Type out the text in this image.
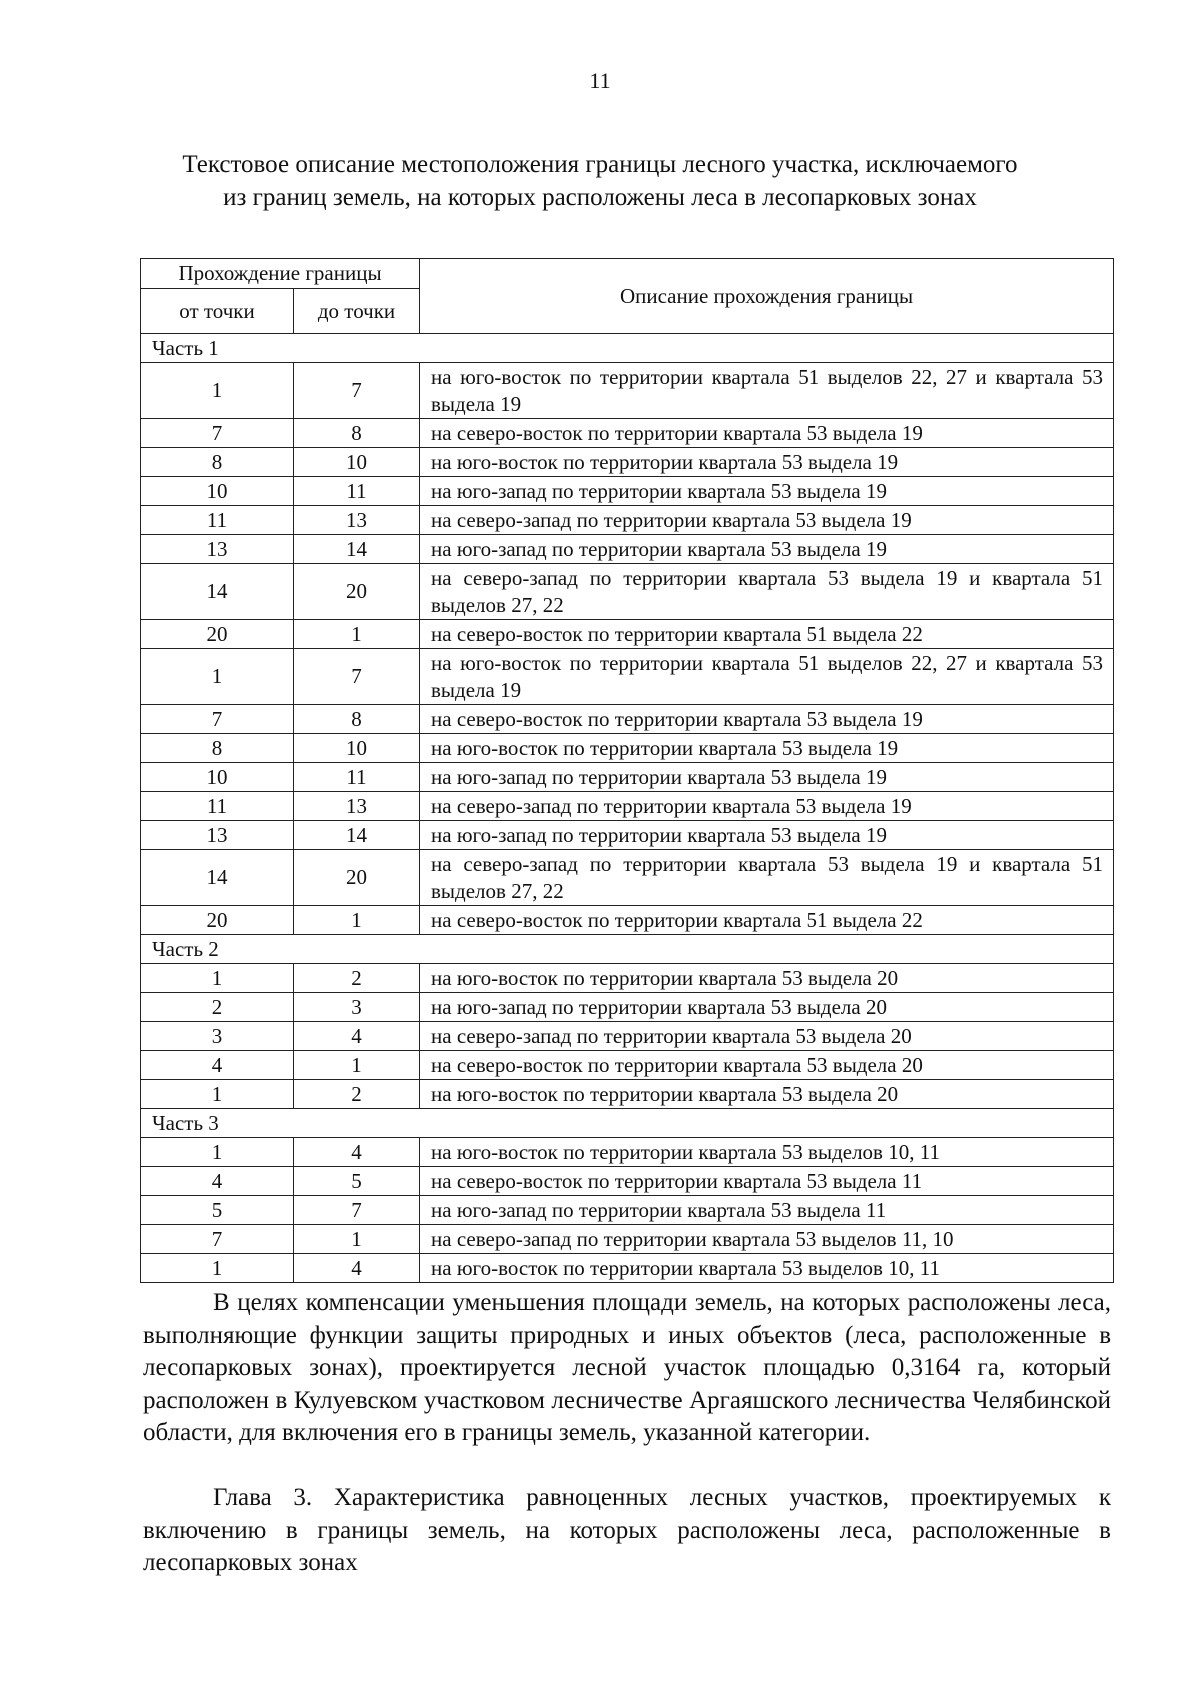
11
Текстовое описание местоположения границы лесного участка, исключаемого
из границ земель, на которых расположены леса в лесопарковых зонах
Прохождение границы		Описание прохождения границы
от точки	до точки	
Часть 1		
1	7	на юго-восток по территории квартала 51 выделов 22, 27 и квартала 53 выдела 19
7	8	на северо-восток по территории квартала 53 выдела 19
8	10	на юго-восток по территории квартала 53 выдела 19
10	11	на юго-запад по территории квартала 53 выдела 19
11	13	на северо-запад по территории квартала 53 выдела 19
13	14	на юго-запад по территории квартала 53 выдела 19
14	20	на северо-запад по территории квартала 53 выдела 19 и квартала 51 выделов 27, 22
20	1	на северо-восток по территории квартала 51 выдела 22
1	7	на юго-восток по территории квартала 51 выделов 22, 27 и квартала 53 выдела 19
7	8	на северо-восток по территории квартала 53 выдела 19
8	10	на юго-восток по территории квартала 53 выдела 19
10	11	на юго-запад по территории квартала 53 выдела 19
11	13	на северо-запад по территории квартала 53 выдела 19
13	14	на юго-запад по территории квартала 53 выдела 19
14	20	на северо-запад по территории квартала 53 выдела 19 и квартала 51 выделов 27, 22
20	1	на северо-восток по территории квартала 51 выдела 22
Часть 2		
1	2	на юго-восток по территории квартала 53 выдела 20
2	3	на юго-запад по территории квартала 53 выдела 20
3	4	на северо-запад по территории квартала 53 выдела 20
4	1	на северо-восток по территории квартала 53 выдела 20
1	2	на юго-восток по территории квартала 53 выдела 20
Часть 3		
1	4	на юго-восток по территории квартала 53 выделов 10, 11
4	5	на северо-восток по территории квартала 53 выдела 11
5	7	на юго-запад по территории квартала 53 выдела 11
7	1	на северо-запад по территории квартала 53 выделов 11, 10
1	4	на юго-восток по территории квартала 53 выделов 10, 11
В целях компенсации уменьшения площади земель, на которых расположены леса, выполняющие функции защиты природных и иных объектов (леса, расположенные в лесопарковых зонах), проектируется лесной участок площадью 0,3164 га, который расположен в Кулуевском участковом лесничестве Аргаяшского лесничества Челябинской области, для включения его в границы земель, указанной категории.
Глава 3. Характеристика равноценных лесных участков, проектируемых к включению в границы земель, на которых расположены леса, расположенные в лесопарковых зонах
